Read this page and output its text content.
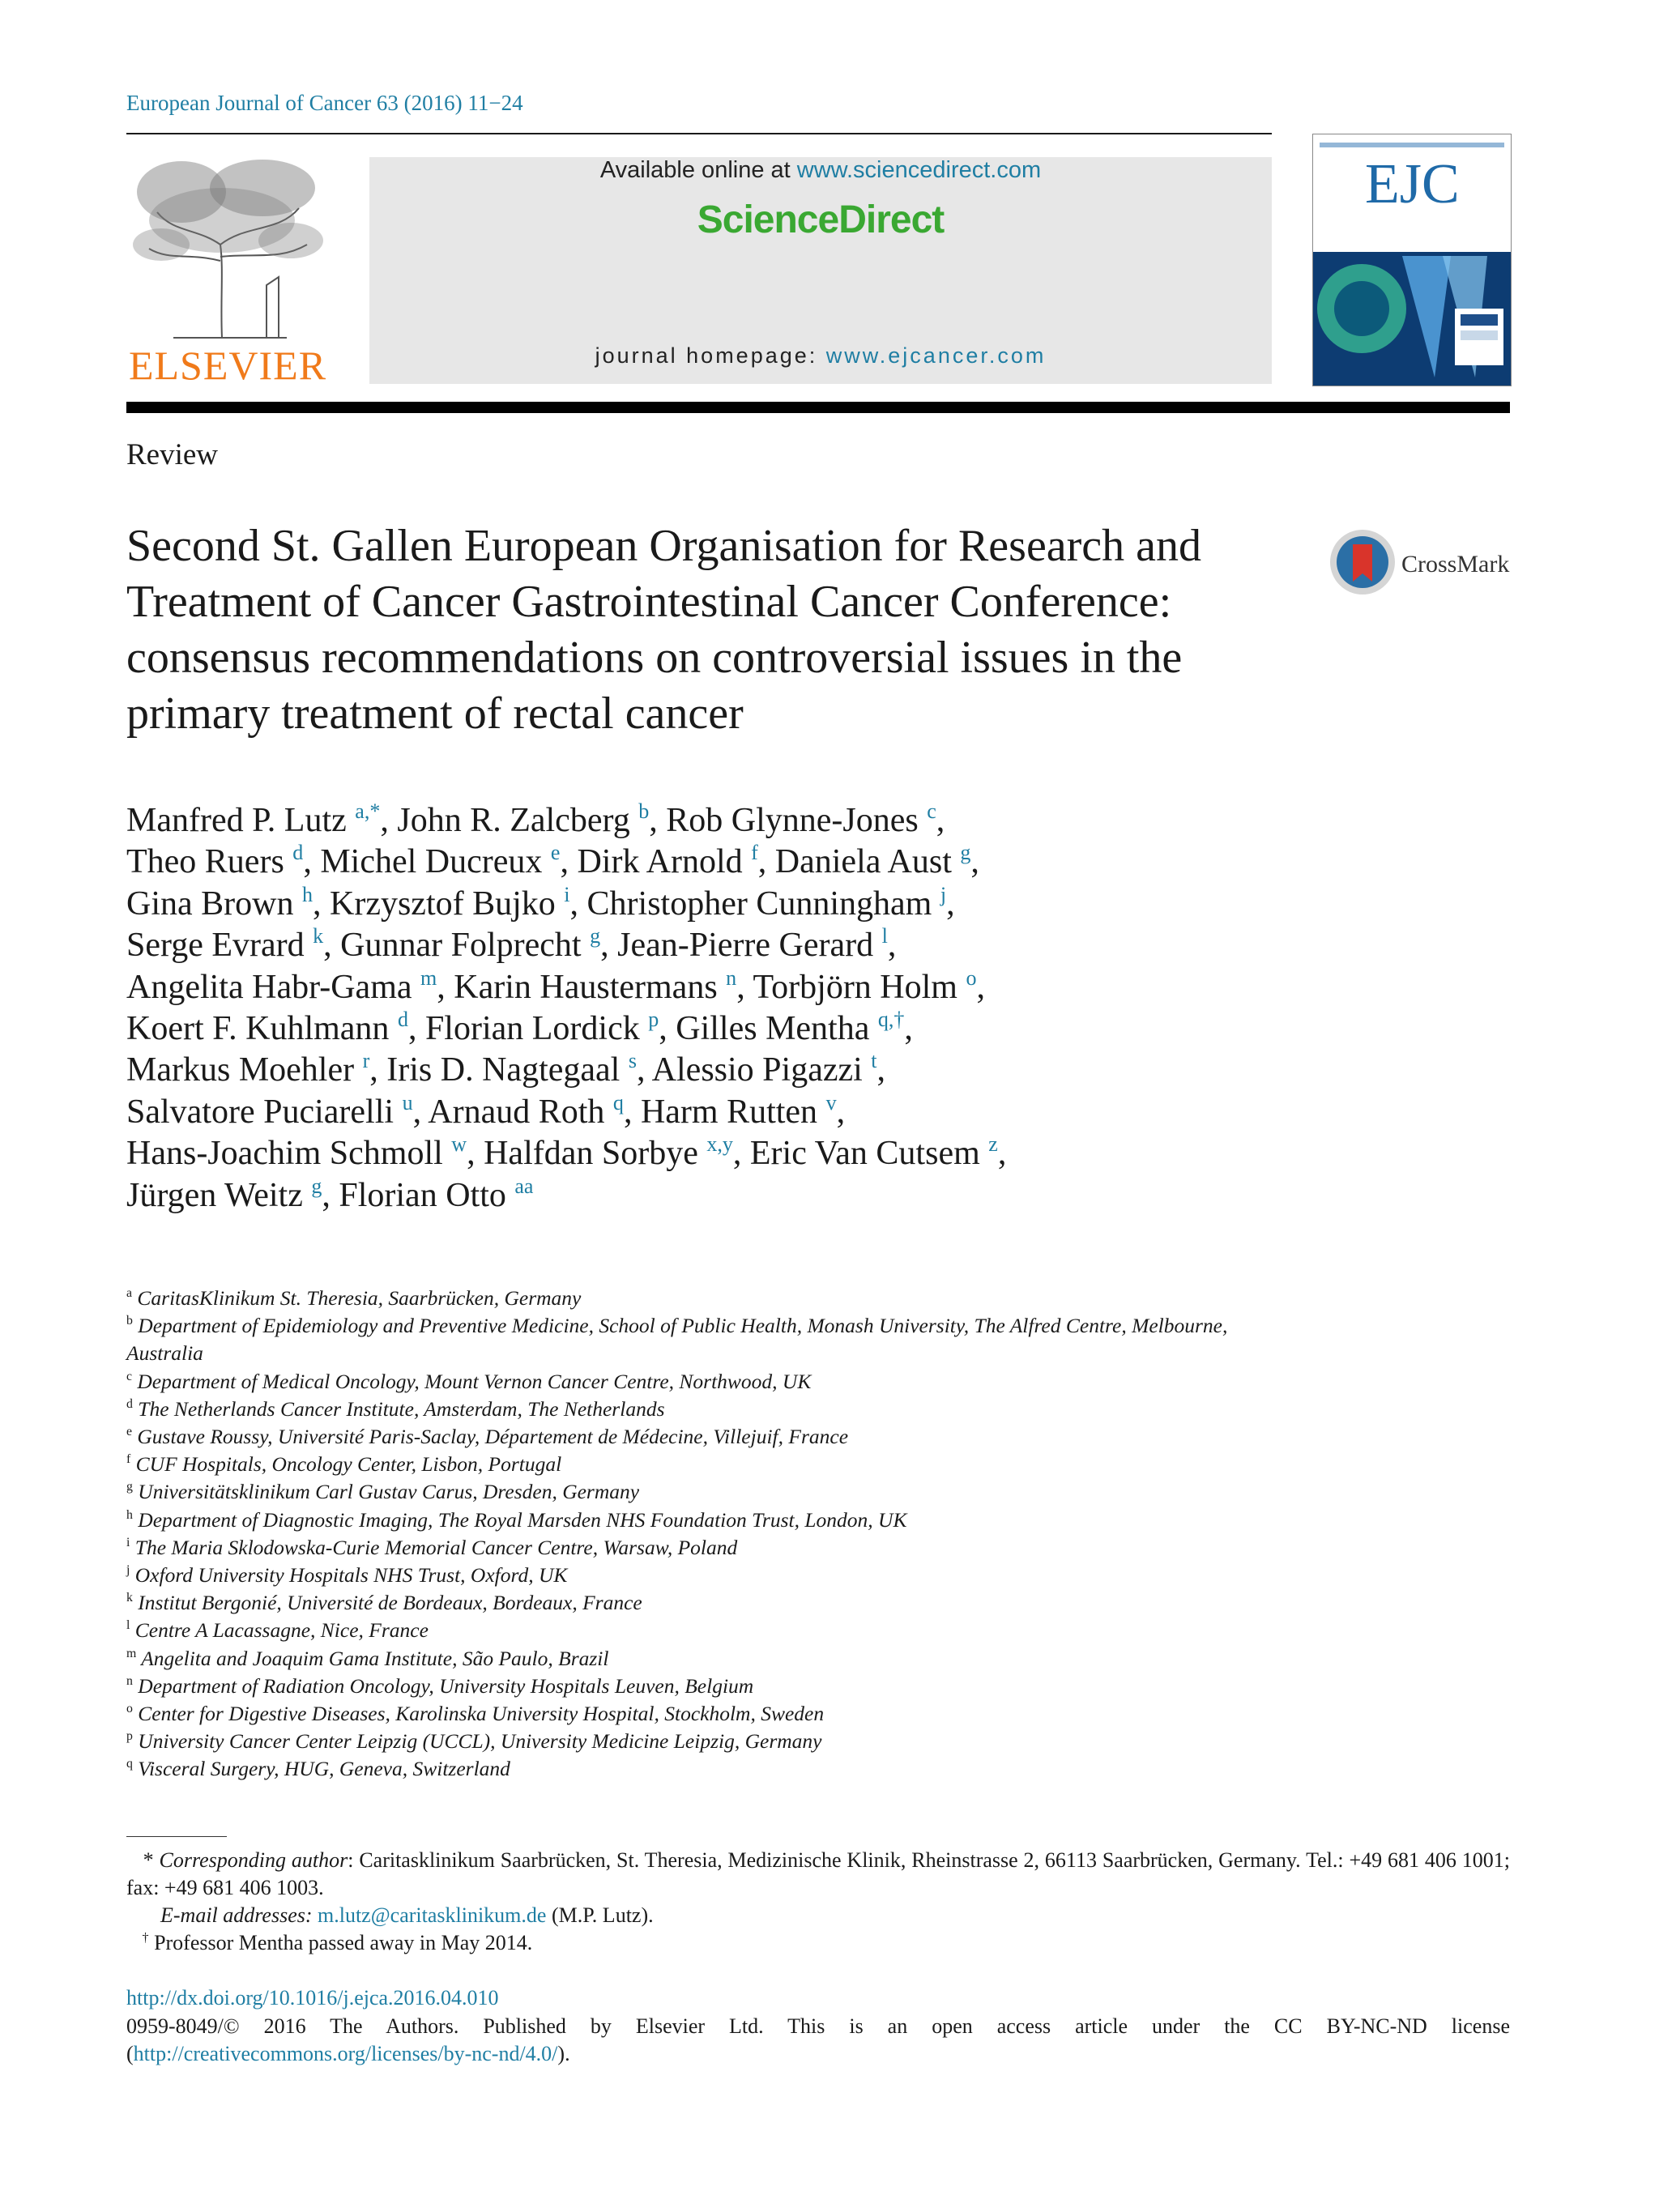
European Journal of Cancer 63 (2016) 11−24
ELSEVIER
Available online at www.sciencedirect.com
ScienceDirect
journal homepage: www.ejcancer.com
EJC
Review
Second St. Gallen European Organisation for Research and Treatment of Cancer Gastrointestinal Cancer Conference: consensus recommendations on controversial issues in the primary treatment of rectal cancer
CrossMark
Manfred P. Lutz $^{a,*}$, John R. Zalcberg $^b$, Rob Glynne-Jones $^c$,
Theo Ruers $^d$, Michel Ducreux $^e$, Dirk Arnold $^f$, Daniela Aust $^g$,
Gina Brown $^h$, Krzysztof Bujko $^i$, Christopher Cunningham $^j$,
Serge Evrard $^k$, Gunnar Folprecht $^g$, Jean-Pierre Gerard $^l$,
Angelita Habr-Gama $^m$, Karin Haustermans $^n$, Torbjörn Holm $^o$,
Koert F. Kuhlmann $^d$, Florian Lordick $^p$, Gilles Mentha $^{q,\dagger}$,
Markus Moehler $^r$, Iris D. Nagtegaal $^s$, Alessio Pigazzi $^t$,
Salvatore Puciarelli $^u$, Arnaud Roth $^q$, Harm Rutten $^v$,
Hans-Joachim Schmoll $^w$, Halfdan Sorbye $^{x,y}$, Eric Van Cutsem $^z$,
Jürgen Weitz $^g$, Florian Otto $^{aa}$
$^a$ CaritasKlinikum St. Theresia, Saarbrücken, Germany
$^b$ Department of Epidemiology and Preventive Medicine, School of Public Health, Monash University, The Alfred Centre, Melbourne, Australia
$^c$ Department of Medical Oncology, Mount Vernon Cancer Centre, Northwood, UK
$^d$ The Netherlands Cancer Institute, Amsterdam, The Netherlands
$^e$ Gustave Roussy, Université Paris-Saclay, Département de Médecine, Villejuif, France
$^f$ CUF Hospitals, Oncology Center, Lisbon, Portugal
$^g$ Universitätsklinikum Carl Gustav Carus, Dresden, Germany
$^h$ Department of Diagnostic Imaging, The Royal Marsden NHS Foundation Trust, London, UK
$^i$ The Maria Sklodowska-Curie Memorial Cancer Centre, Warsaw, Poland
$^j$ Oxford University Hospitals NHS Trust, Oxford, UK
$^k$ Institut Bergonié, Université de Bordeaux, Bordeaux, France
$^l$ Centre A Lacassagne, Nice, France
$^m$ Angelita and Joaquim Gama Institute, São Paulo, Brazil
$^n$ Department of Radiation Oncology, University Hospitals Leuven, Belgium
$^o$ Center for Digestive Diseases, Karolinska University Hospital, Stockholm, Sweden
$^p$ University Cancer Center Leipzig (UCCL), University Medicine Leipzig, Germany
$^q$ Visceral Surgery, HUG, Geneva, Switzerland
* Corresponding author: Caritasklinikum Saarbrücken, St. Theresia, Medizinische Klinik, Rheinstrasse 2, 66113 Saarbrücken, Germany. Tel.: +49 681 406 1001; fax: +49 681 406 1003.
E-mail addresses: m.lutz@caritasklinikum.de (M.P. Lutz).
† Professor Mentha passed away in May 2014.
http://dx.doi.org/10.1016/j.ejca.2016.04.010
0959-8049/© 2016 The Authors. Published by Elsevier Ltd. This is an open access article under the CC BY-NC-ND license (http://creativecommons.org/licenses/by-nc-nd/4.0/).
